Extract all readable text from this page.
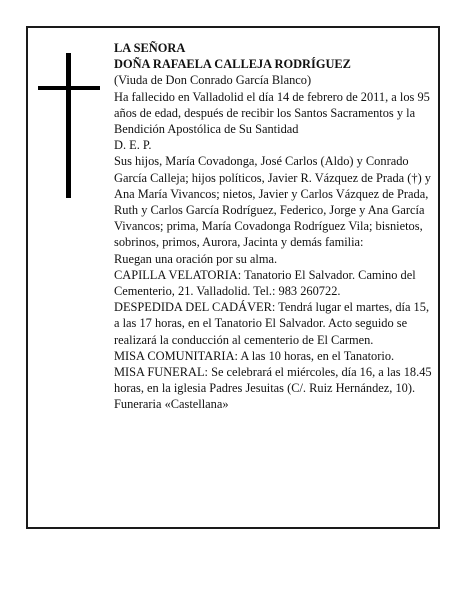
LA SEÑORA

DOÑA RAFAELA CALLEJA RODRÍGUEZ

(Viuda de Don Conrado García Blanco)

Ha fallecido en Valladolid el día 14 de febrero de 2011, a los 95 años de edad, después de recibir los Santos Sacramentos y la Bendición Apostólica de Su Santidad

D. E. P.

Sus hijos, María Covadonga, José Carlos (Aldo) y Conrado García Calleja; hijos políticos, Javier R. Vázquez de Prada (†) y Ana María Vivancos; nietos, Javier y Carlos Vázquez de Prada, Ruth y Carlos García Rodríguez, Federico, Jorge y Ana García Vivancos; prima, María Covadonga Rodríguez Vila; bisnietos, sobrinos, primos, Aurora, Jacinta y demás familia:

Ruegan una oración por su alma.

CAPILLA VELATORIA: Tanatorio El Salvador. Camino del Cementerio, 21. Valladolid. Tel.: 983 260722.

DESPEDIDA DEL CADÁVER: Tendrá lugar el martes, día 15, a las 17 horas, en el Tanatorio El Salvador. Acto seguido se realizará la conducción al cementerio de El Carmen.

MISA COMUNITARIA: A las 10 horas, en el Tanatorio.

MISA FUNERAL: Se celebrará el miércoles, día 16, a las 18.45 horas, en la iglesia Padres Jesuitas (C/. Ruiz Hernández, 10).

Funeraria «Castellana»
